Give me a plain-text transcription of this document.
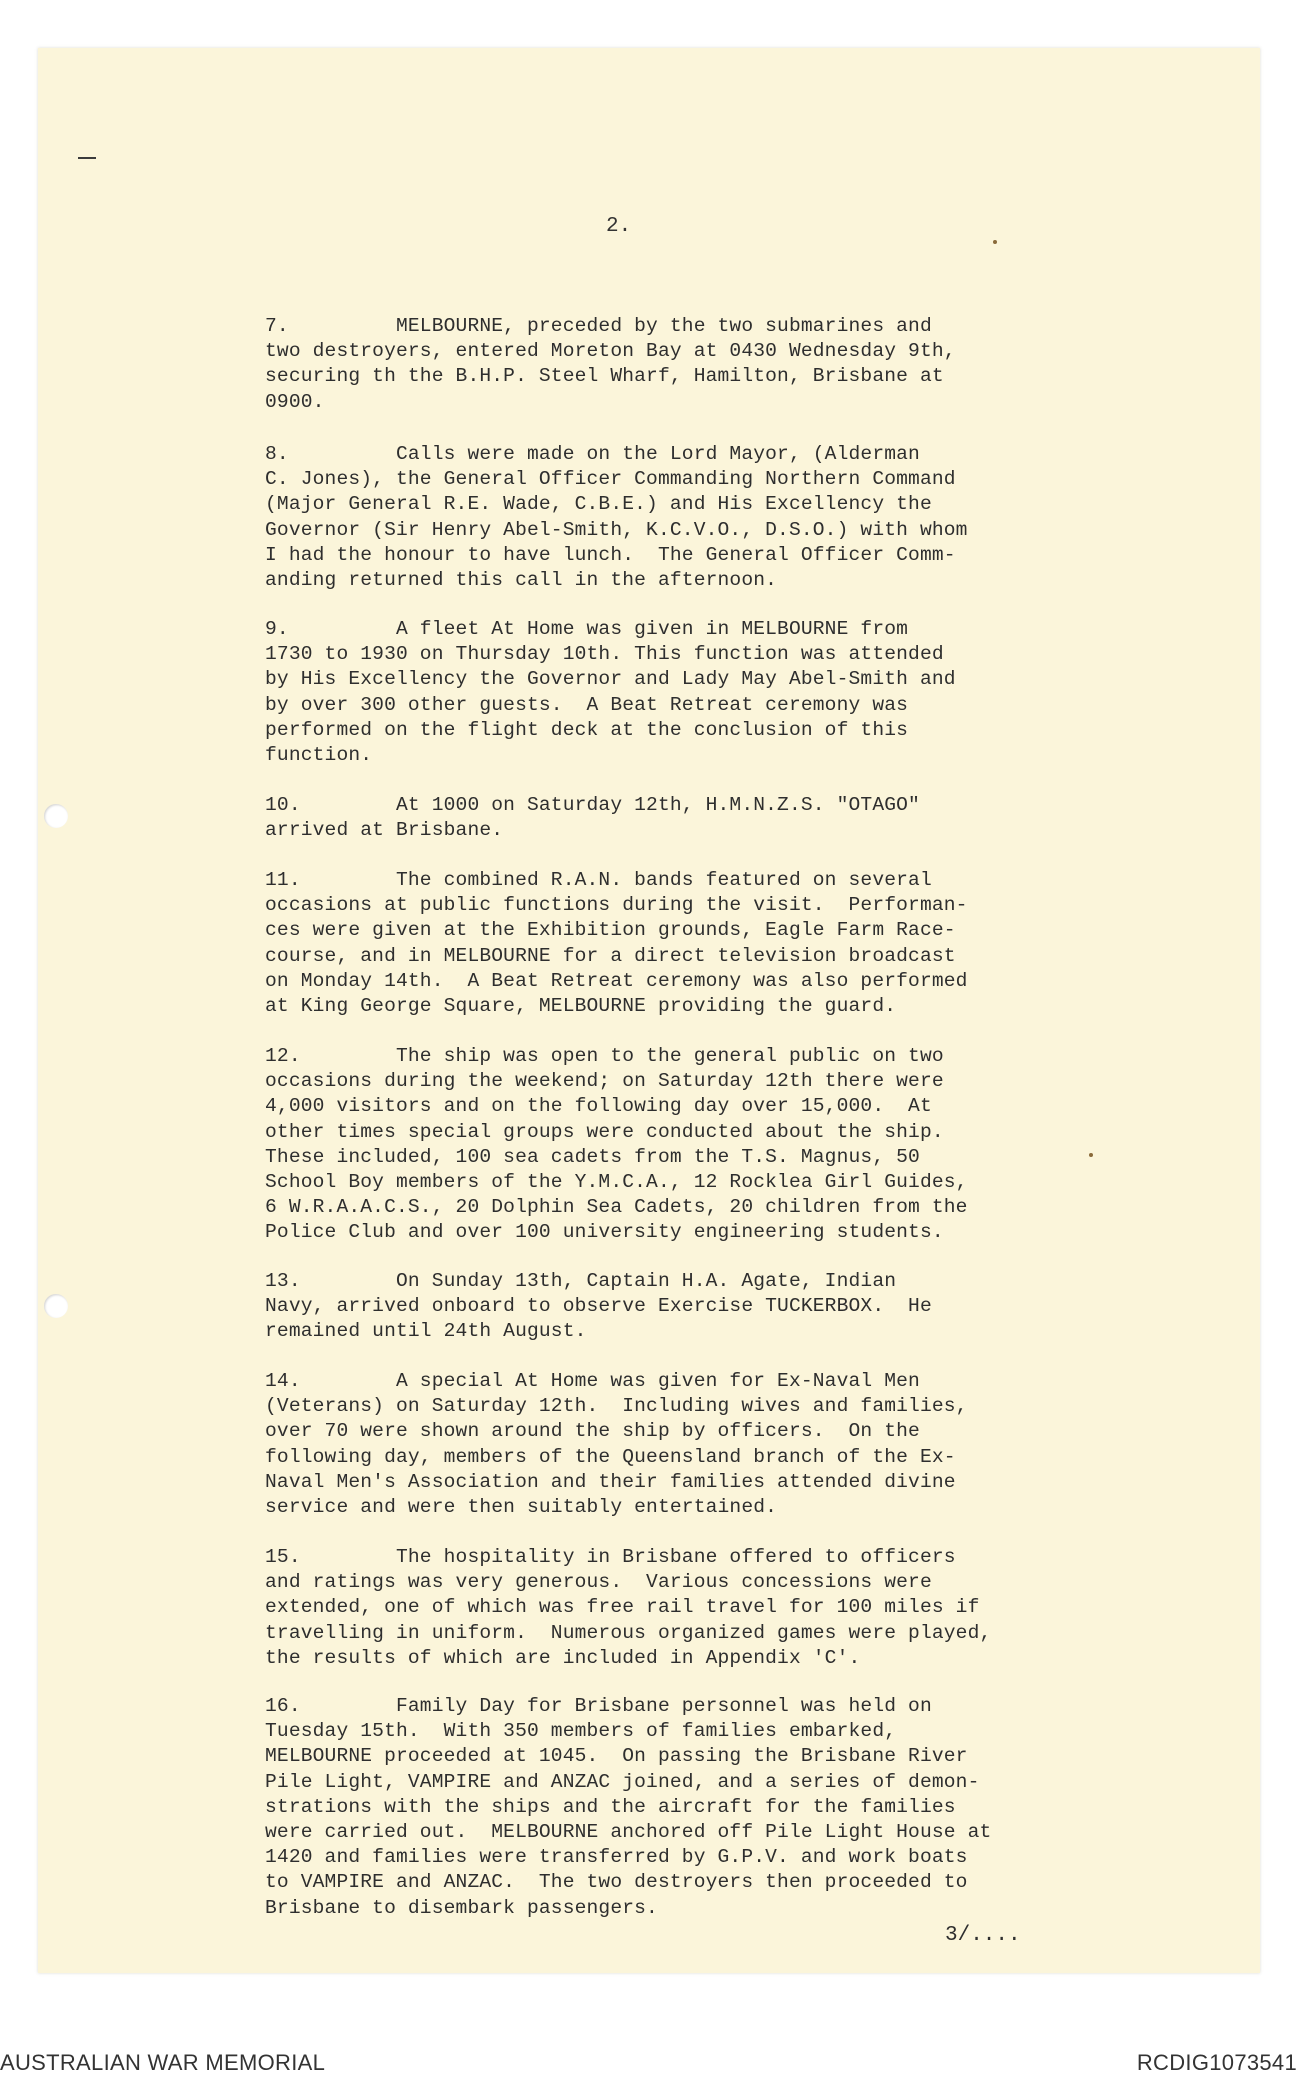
2.
7.         MELBOURNE, preceded by the two submarines and
two destroyers, entered Moreton Bay at 0430 Wednesday 9th,
securing th the B.H.P. Steel Wharf, Hamilton, Brisbane at
0900.
8.         Calls were made on the Lord Mayor, (Alderman
C. Jones), the General Officer Commanding Northern Command
(Major General R.E. Wade, C.B.E.) and His Excellency the
Governor (Sir Henry Abel-Smith, K.C.V.O., D.S.O.) with whom
I had the honour to have lunch.  The General Officer Comm-
anding returned this call in the afternoon.
9.         A fleet At Home was given in MELBOURNE from
1730 to 1930 on Thursday 10th. This function was attended
by His Excellency the Governor and Lady May Abel-Smith and
by over 300 other guests.  A Beat Retreat ceremony was
performed on the flight deck at the conclusion of this
function.
10.        At 1000 on Saturday 12th, H.M.N.Z.S. "OTAGO"
arrived at Brisbane.
11.        The combined R.A.N. bands featured on several
occasions at public functions during the visit.  Performan-
ces were given at the Exhibition grounds, Eagle Farm Race-
course, and in MELBOURNE for a direct television broadcast
on Monday 14th.  A Beat Retreat ceremony was also performed
at King George Square, MELBOURNE providing the guard.
12.        The ship was open to the general public on two
occasions during the weekend; on Saturday 12th there were
4,000 visitors and on the following day over 15,000.  At
other times special groups were conducted about the ship.
These included, 100 sea cadets from the T.S. Magnus, 50
School Boy members of the Y.M.C.A., 12 Rocklea Girl Guides,
6 W.R.A.A.C.S., 20 Dolphin Sea Cadets, 20 children from the
Police Club and over 100 university engineering students.
13.        On Sunday 13th, Captain H.A. Agate, Indian
Navy, arrived onboard to observe Exercise TUCKERBOX.  He
remained until 24th August.
14.        A special At Home was given for Ex-Naval Men
(Veterans) on Saturday 12th.  Including wives and families,
over 70 were shown around the ship by officers.  On the
following day, members of the Queensland branch of the Ex-
Naval Men's Association and their families attended divine
service and were then suitably entertained.
15.        The hospitality in Brisbane offered to officers
and ratings was very generous.  Various concessions were
extended, one of which was free rail travel for 100 miles if
travelling in uniform.  Numerous organized games were played,
the results of which are included in Appendix 'C'.
16.        Family Day for Brisbane personnel was held on
Tuesday 15th.  With 350 members of families embarked,
MELBOURNE proceeded at 1045.  On passing the Brisbane River
Pile Light, VAMPIRE and ANZAC joined, and a series of demon-
strations with the ships and the aircraft for the families
were carried out.  MELBOURNE anchored off Pile Light House at
1420 and families were transferred by G.P.V. and work boats
to VAMPIRE and ANZAC.  The two destroyers then proceeded to
Brisbane to disembark passengers.
3/....
AUSTRALIAN WAR MEMORIAL	RCDIG1073541
